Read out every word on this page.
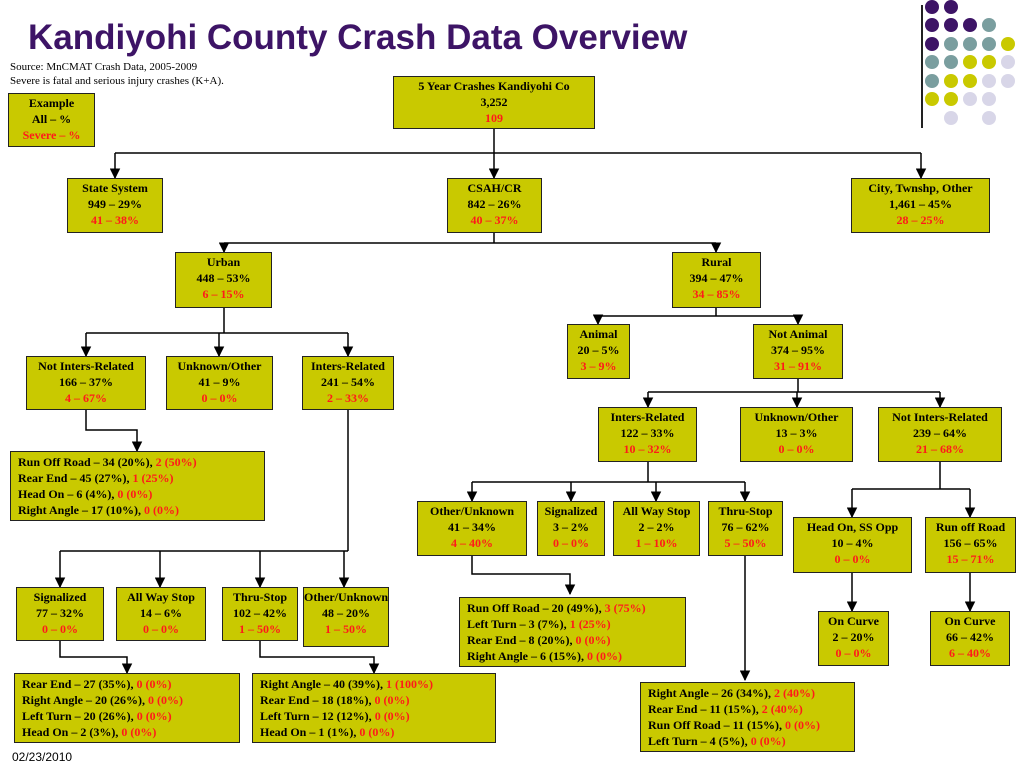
Kandiyohi County Crash Data Overview
Source: MnCMAT Crash Data, 2005-2009
Severe is fatal and serious injury crashes (K+A).
02/23/2010
Example
All – %
Severe – %
5 Year Crashes Kandiyohi Co
3,252
109
State System
949 – 29%
41 – 38%
CSAH/CR
842 – 26%
40 – 37%
City, Twnshp, Other
1,461 – 45%
28 – 25%
Urban
448 – 53%
6 – 15%
Rural
394 – 47%
34 – 85%
Not Inters-Related
166 – 37%
4 – 67%
Unknown/Other
41 – 9%
0 – 0%
Inters-Related
241 – 54%
2 – 33%
Run Off Road – 34 (20%), 2 (50%)
Rear End – 45 (27%), 1 (25%)
Head On – 6 (4%), 0 (0%)
Right Angle – 17 (10%), 0 (0%)
Signalized
77 – 32%
0 – 0%
All Way Stop
14 – 6%
0 – 0%
Thru-Stop
102 – 42%
1 – 50%
Other/Unknown
48 – 20%
1 – 50%
Rear End – 27 (35%), 0 (0%)
Right Angle – 20 (26%), 0 (0%)
Left Turn – 20 (26%), 0 (0%)
Head On – 2 (3%), 0 (0%)
Right Angle – 40 (39%), 1 (100%)
Rear End – 18 (18%), 0 (0%)
Left Turn – 12 (12%), 0 (0%)
Head On – 1 (1%), 0 (0%)
Animal
20 – 5%
3 – 9%
Not Animal
374 – 95%
31 – 91%
Inters-Related
122 – 33%
10 – 32%
Unknown/Other
13 – 3%
0 – 0%
Not Inters-Related
239 – 64%
21 – 68%
Other/Unknown
41 – 34%
4 – 40%
Signalized
3 – 2%
0 – 0%
All Way Stop
2 – 2%
1 – 10%
Thru-Stop
76 – 62%
5 – 50%
Run Off Road – 20 (49%), 3 (75%)
Left Turn – 3 (7%), 1 (25%)
Rear End – 8 (20%), 0 (0%)
Right Angle – 6 (15%), 0 (0%)
Right Angle – 26 (34%), 2 (40%)
Rear End – 11 (15%), 2 (40%)
Run Off Road – 11 (15%), 0 (0%)
Left Turn – 4 (5%), 0 (0%)
Head On, SS Opp
10 – 4%
0 – 0%
Run off Road
156 – 65%
15 – 71%
On Curve
2 – 20%
0 – 0%
On Curve
66 – 42%
6 – 40%
